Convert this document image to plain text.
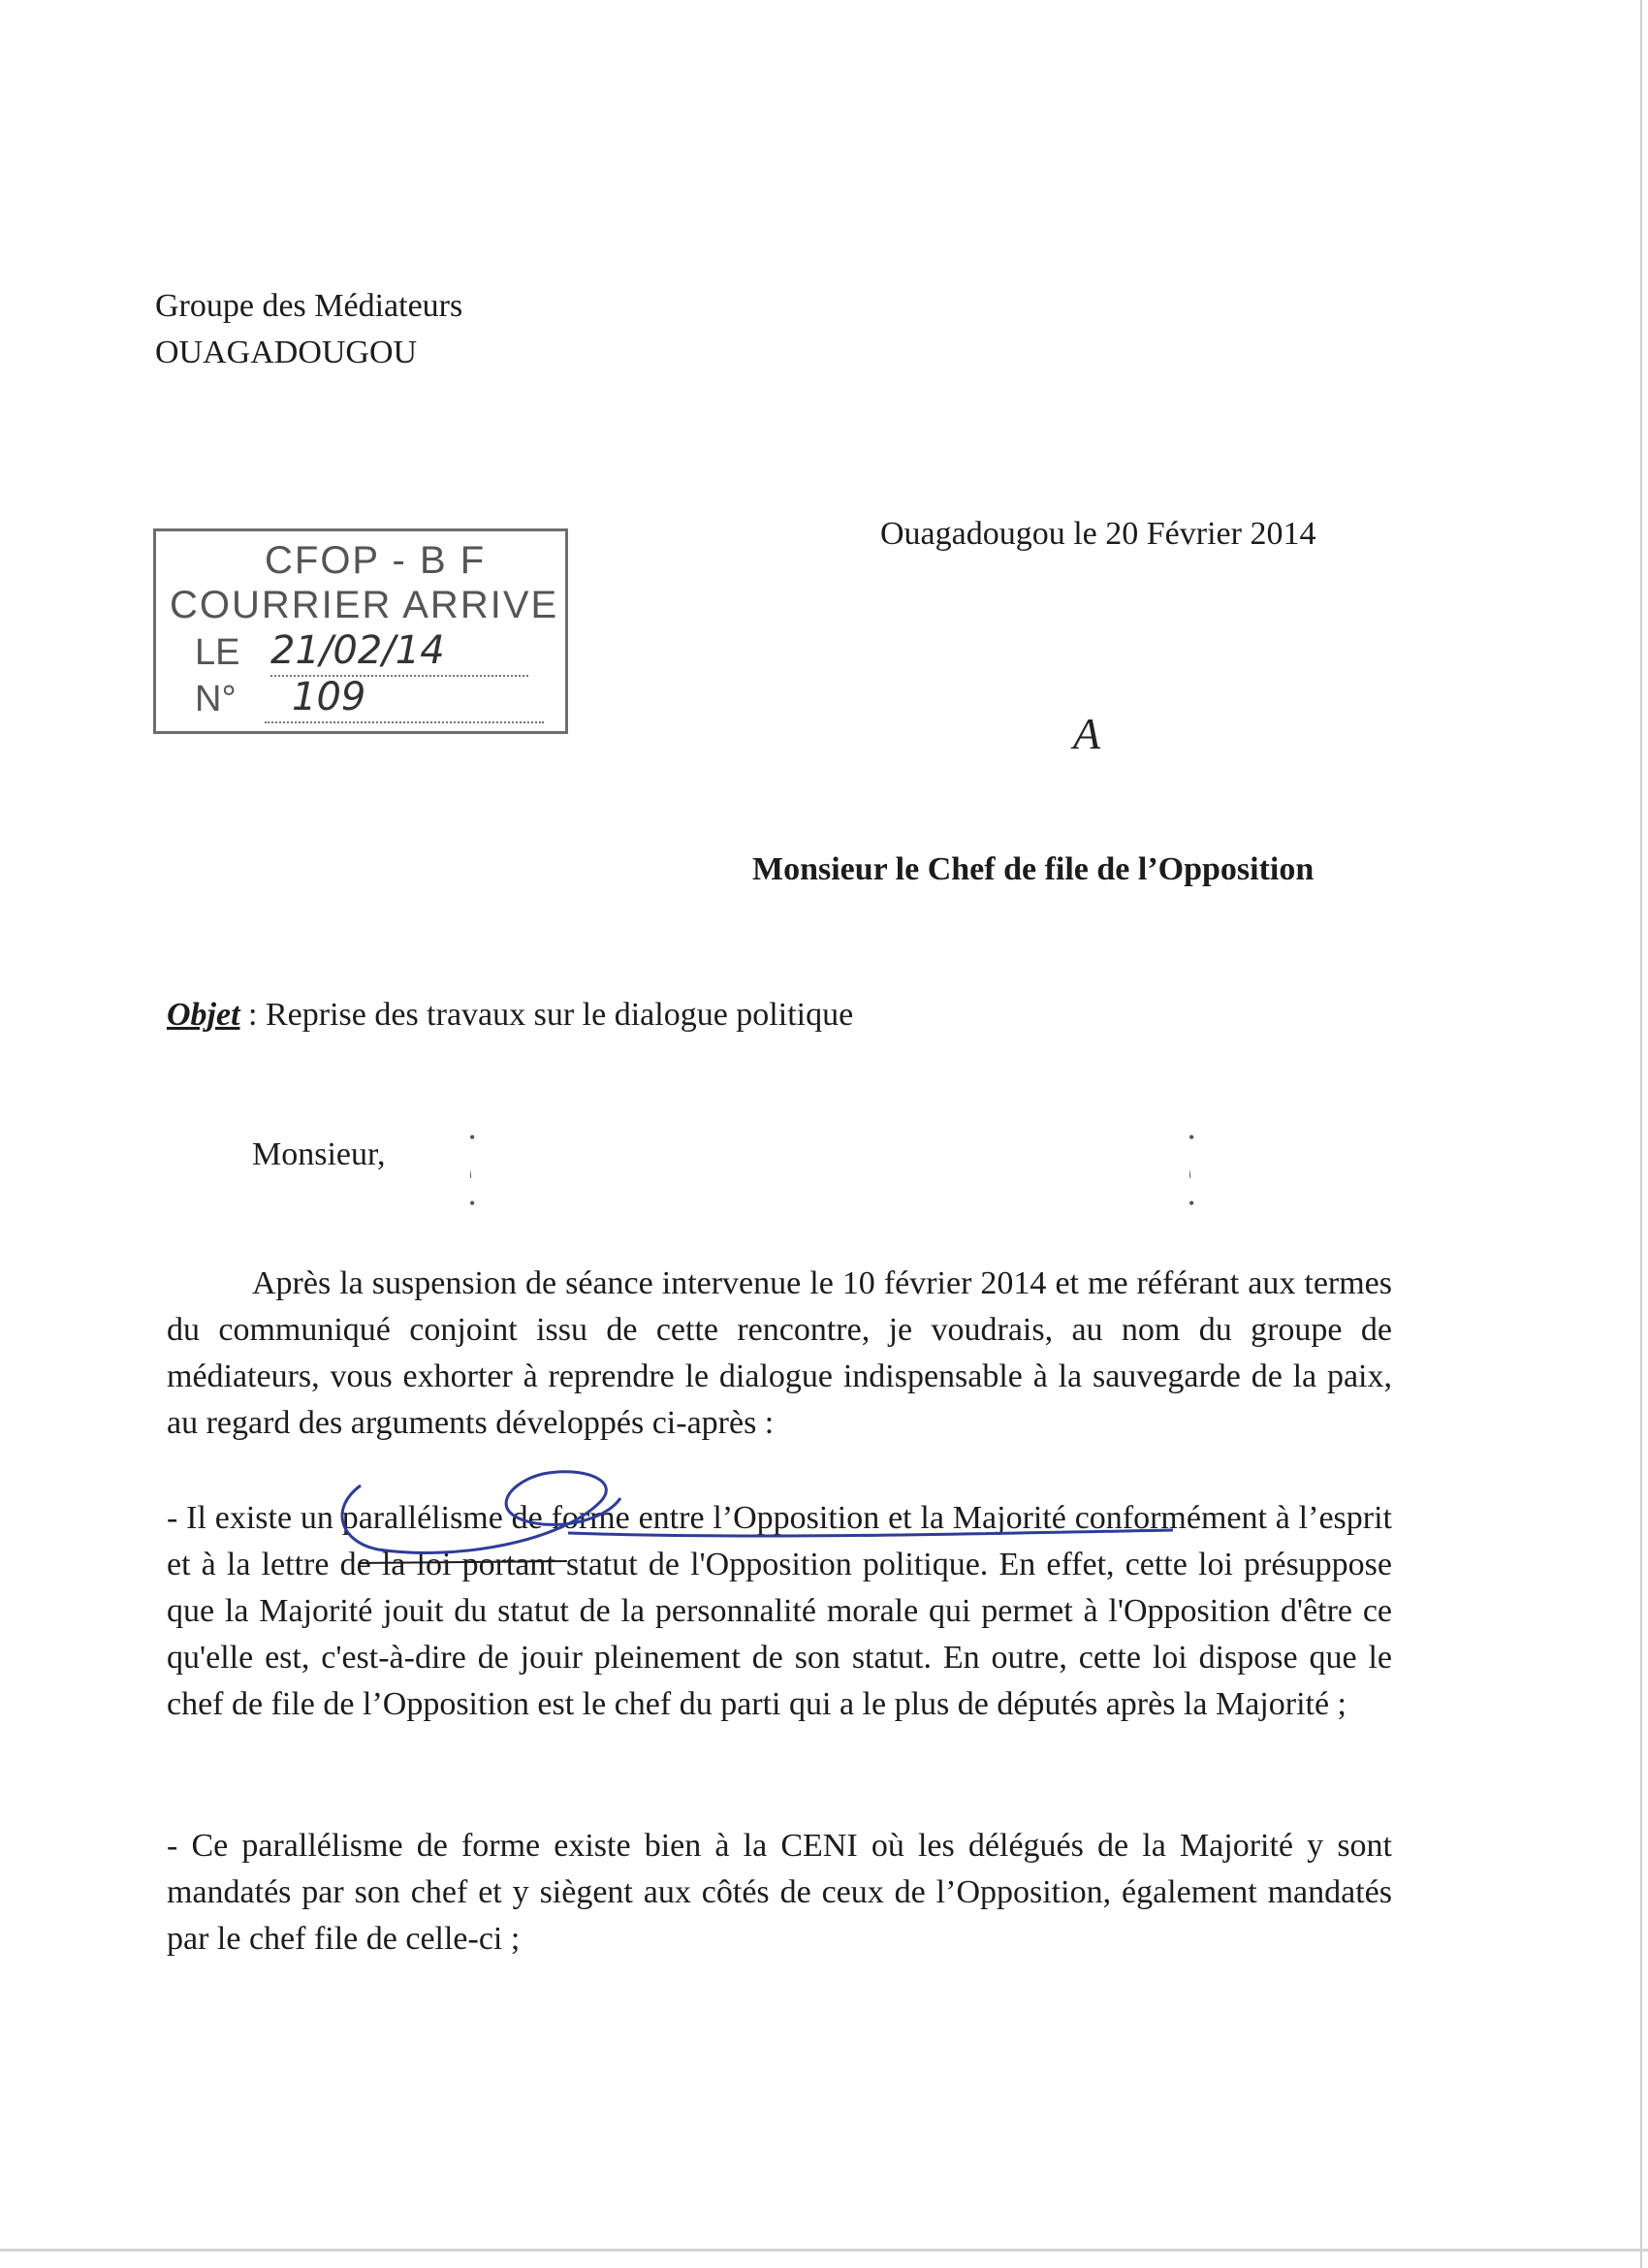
Groupe des Médiateurs
OUAGADOUGOU
CFOP - B F
COURRIER ARRIVE
LE 21/02/14
N° 109
Ouagadougou le 20 Février 2014
A
Monsieur le Chef de file de l’Opposition
Objet : Reprise des travaux sur le dialogue politique
Monsieur,	•
ᵢ
•
•
ᵢ
•
Après la suspension de séance intervenue le 10 février 2014 et me référant aux termes du communiqué conjoint issu de cette rencontre, je voudrais, au nom du groupe de médiateurs, vous exhorter à reprendre le dialogue indispensable à la sauvegarde de la paix, au regard des arguments développés ci-après :
- Il existe un parallélisme de forme entre l’Opposition et la Majorité conformément à l’esprit et à la lettre de la loi portant statut de l'Opposition politique. En effet, cette loi présuppose que la Majorité jouit du statut de la personnalité morale qui permet à l'Opposition d'être ce qu'elle est, c'est-à-dire de jouir pleinement de son statut. En outre, cette loi dispose que le chef de file de l’Opposition est le chef du parti qui a le plus de députés après la Majorité ;
- Ce parallélisme de forme existe bien à la CENI où les délégués de la Majorité y sont mandatés par son chef et y siègent aux côtés de ceux de l’Opposition, également mandatés par le chef file de celle-ci ;
